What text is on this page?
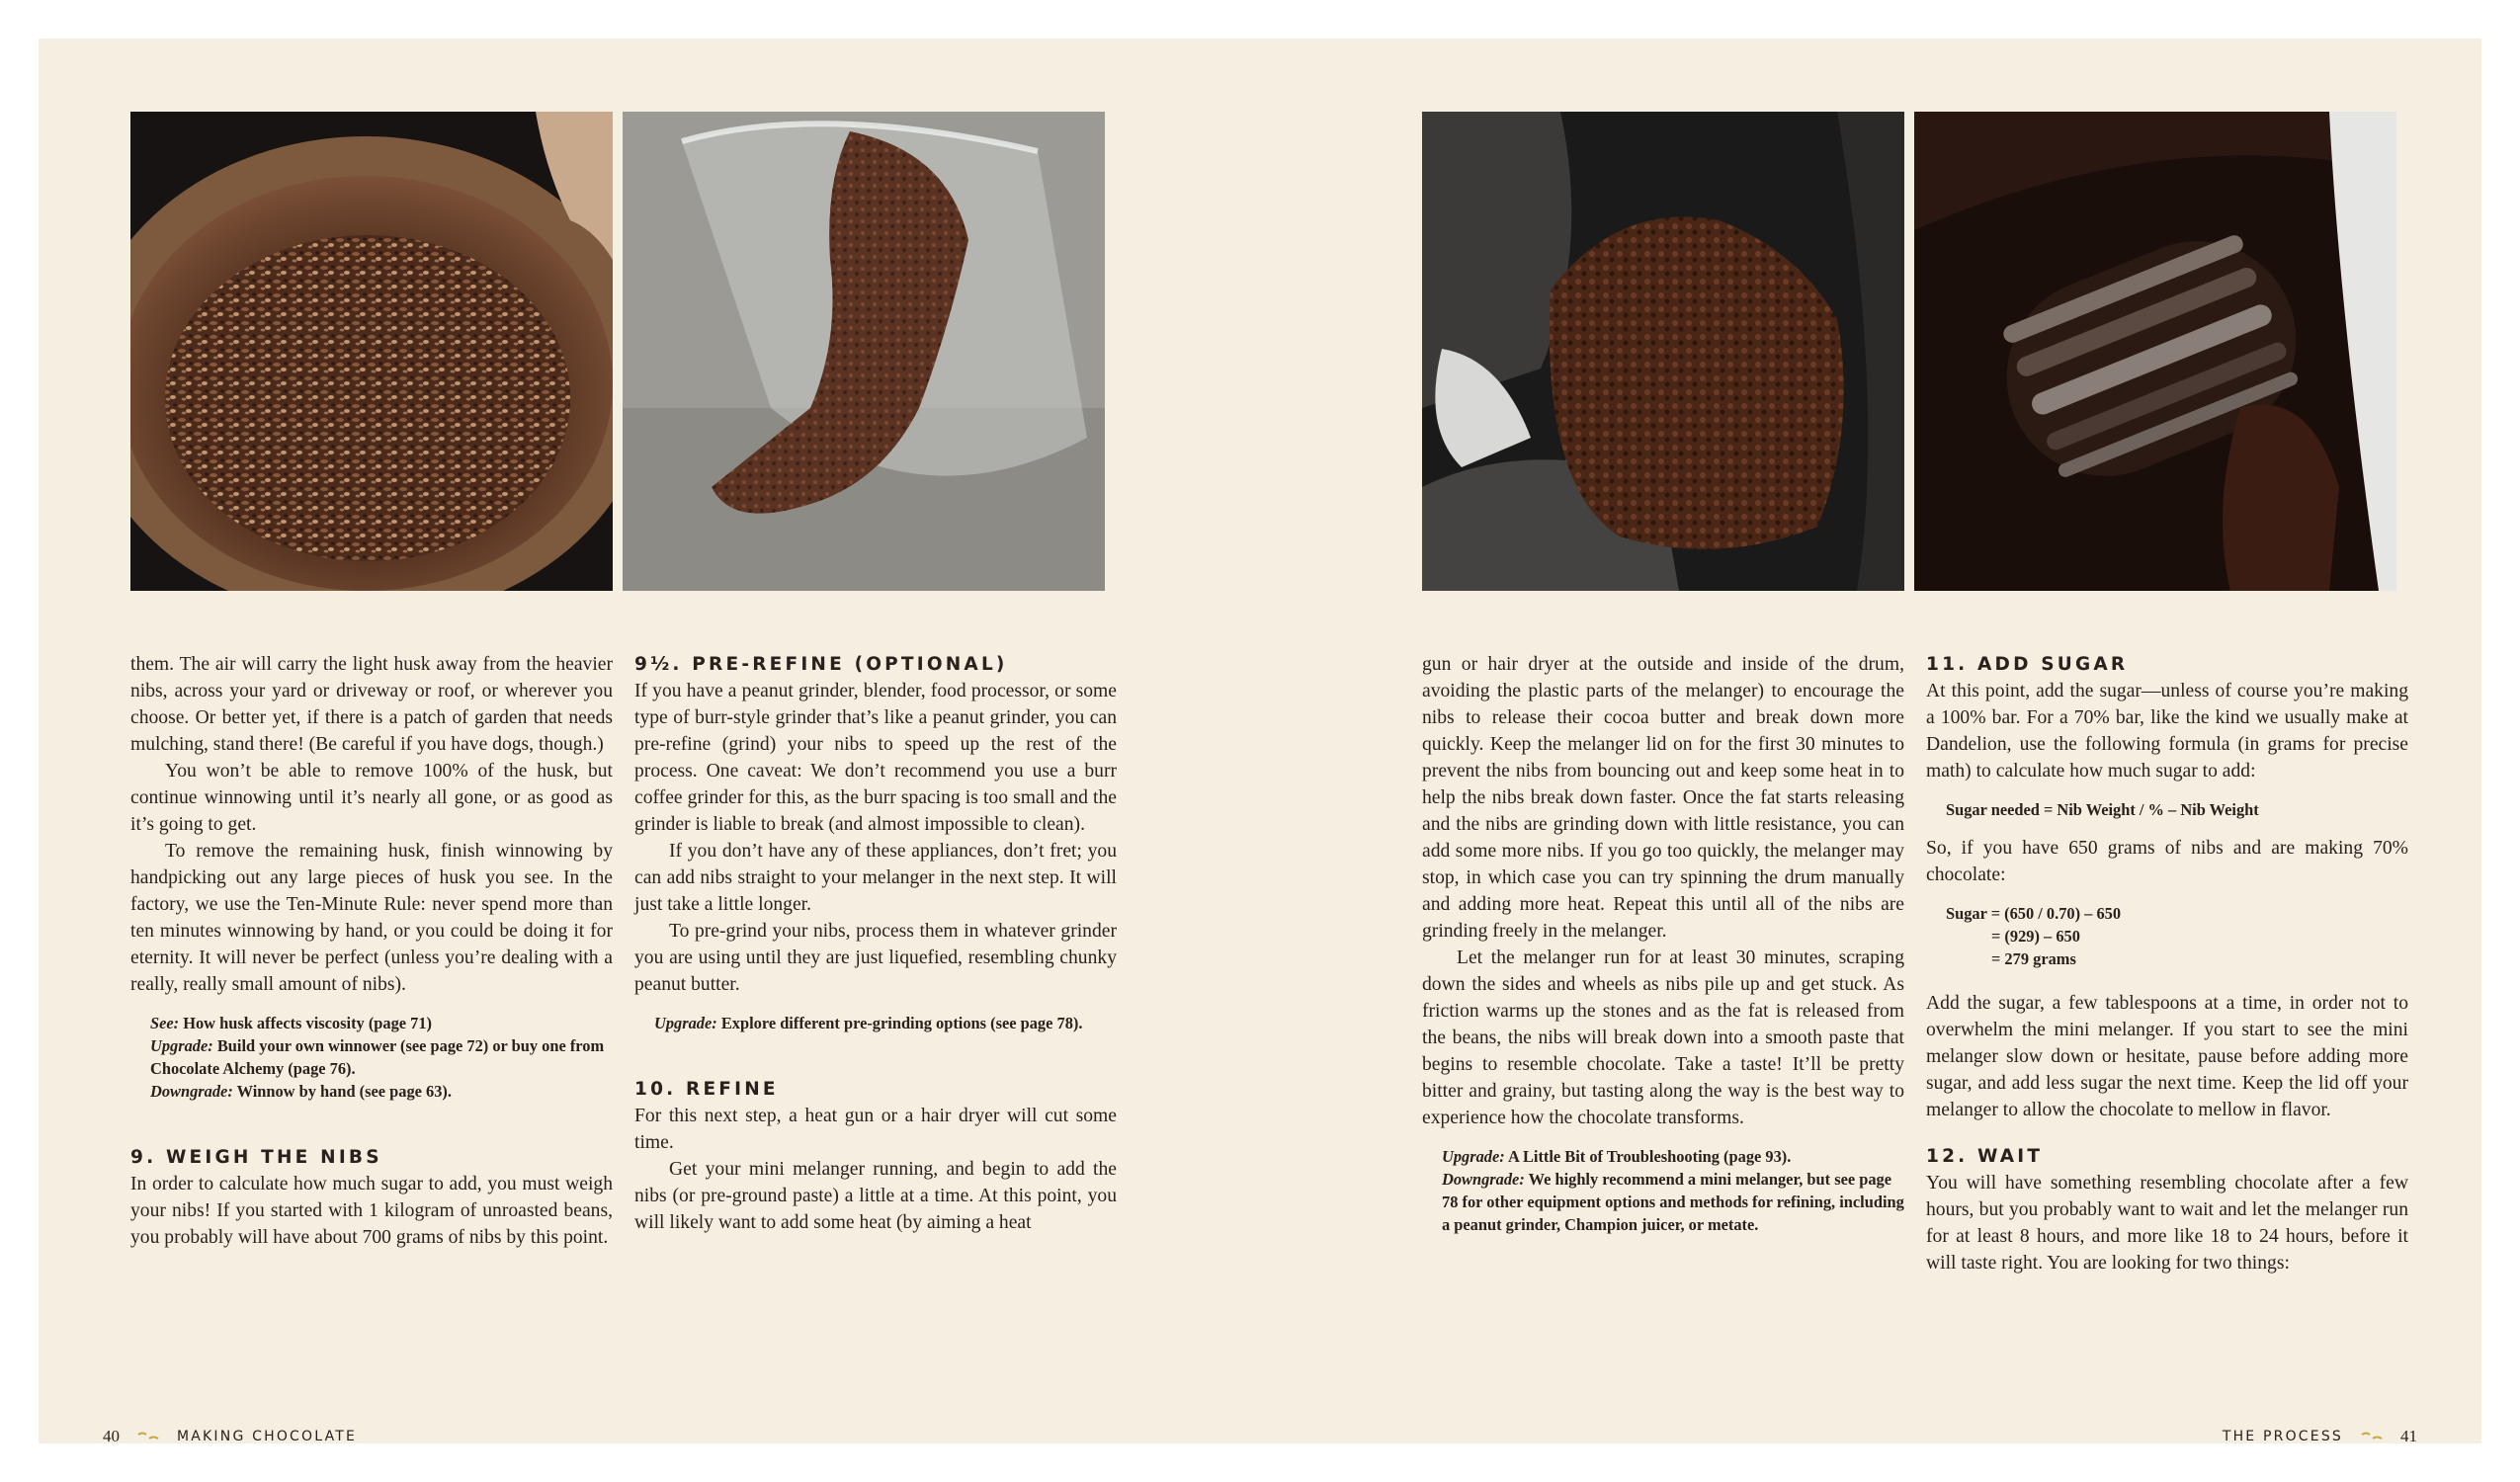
them. The air will carry the light husk away from the heavier nibs, across your yard or driveway or roof, or wherever you choose. Or better yet, if there is a patch of garden that needs mulching, stand there! (Be careful if you have dogs, though.)

You won’t be able to remove 100% of the husk, but continue winnowing until it’s nearly all gone, or as good as it’s going to get.

To remove the remaining husk, finish winnowing by handpicking out any large pieces of husk you see. In the factory, we use the Ten-Minute Rule: never spend more than ten minutes winnowing by hand, or you could be doing it for eternity. It will never be perfect (unless you’re dealing with a really, really small amount of nibs).

See: How husk affects viscosity (page 71)
Upgrade: Build your own winnower (see page 72) or buy one from Chocolate Alchemy (page 76).
Downgrade: Winnow by hand (see page 63).
9. WEIGH THE NIBS

In order to calculate how much sugar to add, you must weigh your nibs! If you started with 1 kilogram of unroasted beans, you probably will have about 700 grams of nibs by this point.

9½. PRE-REFINE (OPTIONAL)

If you have a peanut grinder, blender, food processor, or some type of burr-style grinder that’s like a peanut grinder, you can pre-refine (grind) your nibs to speed up the rest of the process. One caveat: We don’t recommend you use a burr coffee grinder for this, as the burr spacing is too small and the grinder is liable to break (and almost impossible to clean).

If you don’t have any of these appliances, don’t fret; you can add nibs straight to your melanger in the next step. It will just take a little longer.

To pre-grind your nibs, process them in whatever grinder you are using until they are just liquefied, resembling chunky peanut butter.

Upgrade: Explore different pre-grinding options (see page 78).
10. REFINE

For this next step, a heat gun or a hair dryer will cut some time.

Get your mini melanger running, and begin to add the nibs (or pre-ground paste) a little at a time. At this point, you will likely want to add some heat (by aiming a heat

gun or hair dryer at the outside and inside of the drum, avoiding the plastic parts of the melanger) to encourage the nibs to release their cocoa butter and break down more quickly. Keep the melanger lid on for the first 30 minutes to prevent the nibs from bouncing out and keep some heat in to help the nibs break down faster. Once the fat starts releasing and the nibs are grinding down with little resistance, you can add some more nibs. If you go too quickly, the melanger may stop, in which case you can try spinning the drum manually and adding more heat. Repeat this until all of the nibs are grinding freely in the melanger.

Let the melanger run for at least 30 minutes, scraping down the sides and wheels as nibs pile up and get stuck. As friction warms up the stones and as the fat is released from the beans, the nibs will break down into a smooth paste that begins to resemble chocolate. Take a taste! It’ll be pretty bitter and grainy, but tasting along the way is the best way to experience how the chocolate transforms.

Upgrade: A Little Bit of Troubleshooting (page 93).
Downgrade: We highly recommend a mini melanger, but see page 78 for other equipment options and methods for refining, including a peanut grinder, Champion juicer, or metate.
11. ADD SUGAR

At this point, add the sugar—unless of course you’re making a 100% bar. For a 70% bar, like the kind we usually make at Dandelion, use the following formula (in grams for precise math) to calculate how much sugar to add:

Sugar needed = Nib Weight / % – Nib Weight

So, if you have 650 grams of nibs and are making 70% chocolate:

Sugar = (650 / 0.70) – 650
= (929) – 650
= 279 grams

Add the sugar, a few tablespoons at a time, in order not to overwhelm the mini melanger. If you start to see the mini melanger slow down or hesitate, pause before adding more sugar, and add less sugar the next time. Keep the lid off your melanger to allow the chocolate to mellow in flavor.

12. WAIT

You will have something resembling chocolate after a few hours, but you probably want to wait and let the melanger run for at least 8 hours, and more like 18 to 24 hours, before it will taste right. You are looking for two things:

40	MAKING CHOCOLATE	THE PROCESS	41
